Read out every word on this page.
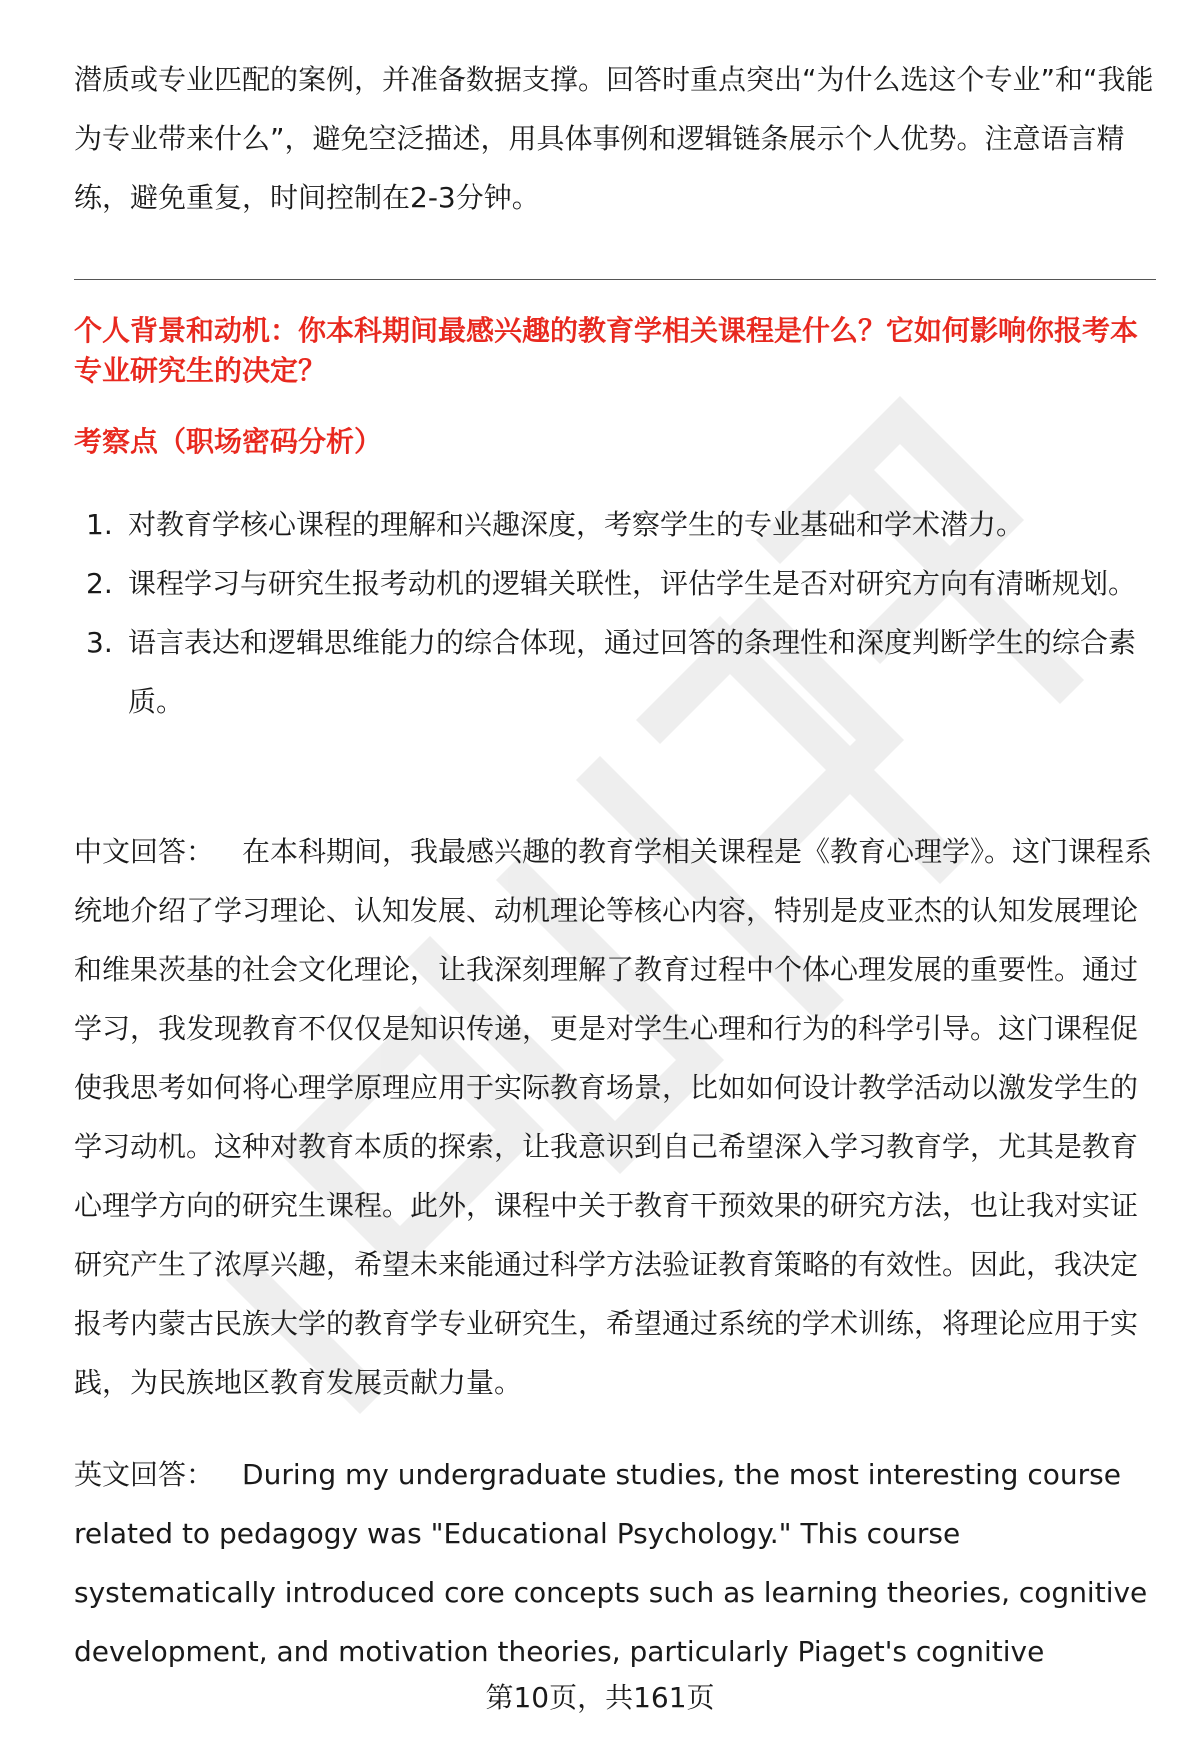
潜质或专业匹配的案例，并准备数据支撑。回答时重点突出“为什么选这个专业”和“我能为专业带来什么”，避免空泛描述，用具体事例和逻辑链条展示个人优势。注意语言精练，避免重复，时间控制在2-3分钟。

个人背景和动机：你本科期间最感兴趣的教育学相关课程是什么？它如何影响你报考本专业研究生的决定？
考察点（职场密码分析）
1. 对教育学核心课程的理解和兴趣深度，考察学生的专业基础和学术潜力。
2. 课程学习与研究生报考动机的逻辑关联性，评估学生是否对研究方向有清晰规划。
3. 语言表达和逻辑思维能力的综合体现，通过回答的条理性和深度判断学生的综合素质。

中文回答： 在本科期间，我最感兴趣的教育学相关课程是《教育心理学》。这门课程系统地介绍了学习理论、认知发展、动机理论等核心内容，特别是皮亚杰的认知发展理论和维果茨基的社会文化理论，让我深刻理解了教育过程中个体心理发展的重要性。通过学习，我发现教育不仅仅是知识传递，更是对学生心理和行为的科学引导。这门课程促使我思考如何将心理学原理应用于实际教育场景，比如如何设计教学活动以激发学生的学习动机。这种对教育本质的探索，让我意识到自己希望深入学习教育学，尤其是教育心理学方向的研究生课程。此外，课程中关于教育干预效果的研究方法，也让我对实证研究产生了浓厚兴趣，希望未来能通过科学方法验证教育策略的有效性。因此，我决定报考内蒙古民族大学的教育学专业研究生，希望通过系统的学术训练，将理论应用于实践，为民族地区教育发展贡献力量。

英文回答： During my undergraduate studies, the most interesting course related to pedagogy was "Educational Psychology." This course systematically introduced core concepts such as learning theories, cognitive development, and motivation theories, particularly Piaget's cognitive

第10页，共161页
